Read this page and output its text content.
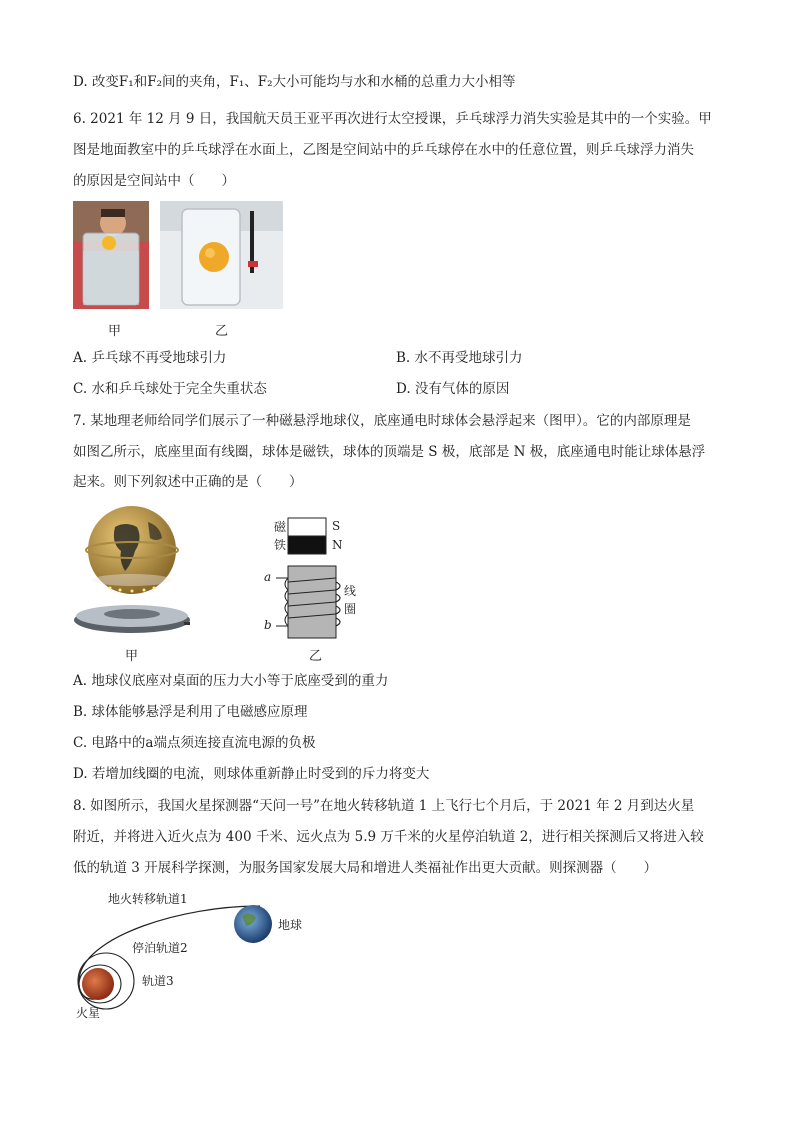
D. 改变F₁和F₂间的夹角，F₁、F₂大小可能均与水和水桶的总重力大小相等
6. 2021 年 12 月 9 日，我国航天员王亚平再次进行太空授课，乒乓球浮力消失实验是其中的一个实验。甲
图是地面教室中的乒乓球浮在水面上，乙图是空间站中的乒乓球停在水中的任意位置，则乒乓球浮力消失
的原因是空间站中（　　）
甲	乙
A. 乒乓球不再受地球引力	B. 水不再受地球引力
C. 水和乒乓球处于完全失重状态	D. 没有气体的原因
7. 某地理老师给同学们展示了一种磁悬浮地球仪，底座通电时球体会悬浮起来（图甲）。它的内部原理是
如图乙所示，底座里面有线圈，球体是磁铁，球体的顶端是 S 极，底部是 N 极，底座通电时能让球体悬浮
起来。则下列叙述中正确的是（　　）
甲
磁
铁
S
N
线
圈
a
b
乙
A. 地球仪底座对桌面的压力大小等于底座受到的重力
B. 球体能够悬浮是利用了电磁感应原理
C. 电路中的a端点须连接直流电源的负极
D. 若增加线圈的电流，则球体重新静止时受到的斥力将变大
8. 如图所示，我国火星探测器“天问一号”在地火转移轨道 1 上飞行七个月后，于 2021 年 2 月到达火星
附近，并将进入近火点为 400 千米、远火点为 5.9 万千米的火星停泊轨道 2，进行相关探测后又将进入较
低的轨道 3 开展科学探测，为服务国家发展大局和增进人类福祉作出更大贡献。则探测器（　　）
地火转移轨道1
停泊轨道2
轨道3
地球
火星
